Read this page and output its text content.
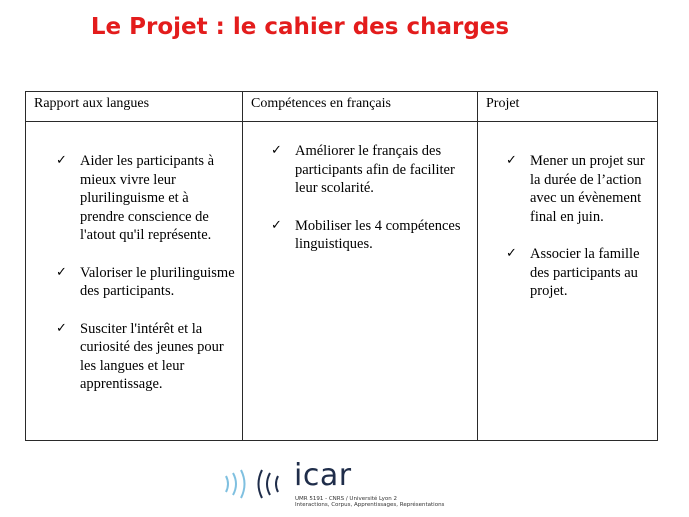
Le Projet : le cahier des charges
Rapport aux langues
✓ Aider les participants à mieux vivre leur plurilinguisme et à prendre conscience de l'atout qu'il représente.
✓ Valoriser le plurilinguisme des participants.
✓ Susciter l'intérêt et la curiosité des jeunes pour les langues et leur apprentissage.
Compétences en français
✓ Améliorer le français des participants afin de faciliter leur scolarité.
✓ Mobiliser les 4 compétences linguistiques.
Projet
✓ Mener un projet sur la durée de l’action avec un évènement final en juin.
✓ Associer la famille des participants au projet.
icar
UMR 5191 - CNRS / Université Lyon 2
Interactions, Corpus, Apprentissages, Représentations
